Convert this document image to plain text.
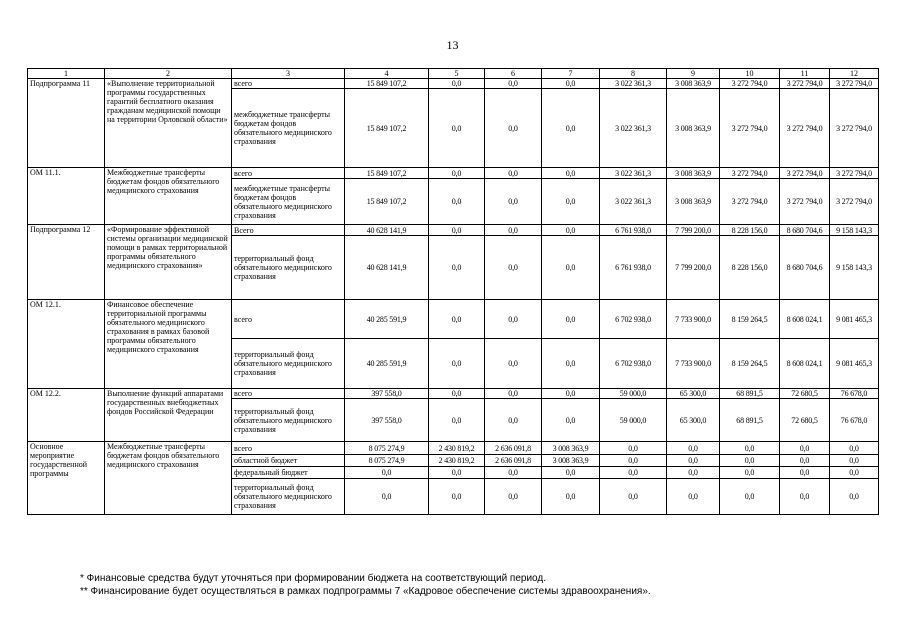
13
1	2	3	4	5	6	7	8	9	10	11	12
Подпрограмма 11	«Выполнение территориальной программы государственных гарантий бесплатного оказания гражданам медицинской помощи на территории Орловской области»	всего	15 849 107,2	0,0	0,0	0,0	3 022 361,3	3 008 363,9	3 272 794,0	3 272 794,0	3 272 794,0
		межбюджетные трансферты бюджетам фондов обязательного медицинского страхования	15 849 107,2	0,0	0,0	0,0	3 022 361,3	3 008 363,9	3 272 794,0	3 272 794,0	3 272 794,0
ОМ 11.1.	Межбюджетные трансферты бюджетам фондов обязательного медицинского страхования	всего	15 849 107,2	0,0	0,0	0,0	3 022 361,3	3 008 363,9	3 272 794,0	3 272 794,0	3 272 794,0
		межбюджетные трансферты бюджетам фондов обязательного медицинского страхования	15 849 107,2	0,0	0,0	0,0	3 022 361,3	3 008 363,9	3 272 794,0	3 272 794,0	3 272 794,0
Подпрограмма 12	«Формирование эффективной системы организации медицинской помощи в рамках территориальной программы обязательного медицинского страхования»	Всего	40 628 141,9	0,0	0,0	0,0	6 761 938,0	7 799 200,0	8 228 156,0	8 680 704,6	9 158 143,3
		территориальный фонд обязательного медицинского страхования	40 628 141,9	0,0	0,0	0,0	6 761 938,0	7 799 200,0	8 228 156,0	8 680 704,6	9 158 143,3
ОМ 12.1.	Финансовое обеспечение территориальной программы обязательного медицинского страхования в рамках базовой программы обязательного медицинского страхования	всего	40 285 591,9	0,0	0,0	0,0	6 702 938,0	7 733 900,0	8 159 264,5	8 608 024,1	9 081 465,3
		территориальный фонд обязательного медицинского страхования	40 285 591,9	0,0	0,0	0,0	6 702 938,0	7 733 900,0	8 159 264,5	8 608 024,1	9 081 465,3
ОМ 12.2.	Выполнение функций аппаратами государственных внебюджетных фондов Российской Федерации	всего	397 558,0	0,0	0,0	0,0	59 000,0	65 300,0	68 891,5	72 680,5	76 678,0
		территориальный фонд обязательного медицинского страхования	397 558,0	0,0	0,0	0,0	59 000,0	65 300,0	68 891,5	72 680,5	76 678,0
Основное мероприятие государственной программы	Межбюджетные трансферты бюджетам фондов обязательного медицинского страхования	всего	8 075 274,9	2 430 819,2	2 636 091,8	3 008 363,9	0,0	0,0	0,0	0,0	0,0
		областной бюджет	8 075 274,9	2 430 819,2	2 636 091,8	3 008 363,9	0,0	0,0	0,0	0,0	0,0
		федеральный бюджет	0,0	0,0	0,0	0,0	0,0	0,0	0,0	0,0	0,0
		территориальный фонд обязательного медицинского страхования	0,0	0,0	0,0	0,0	0,0	0,0	0,0	0,0	0,0
* Финансовые средства будут уточняться при формировании бюджета на соответствующий период.
** Финансирование будет осуществляться в рамках подпрограммы 7 «Кадровое обеспечение системы здравоохранения».
